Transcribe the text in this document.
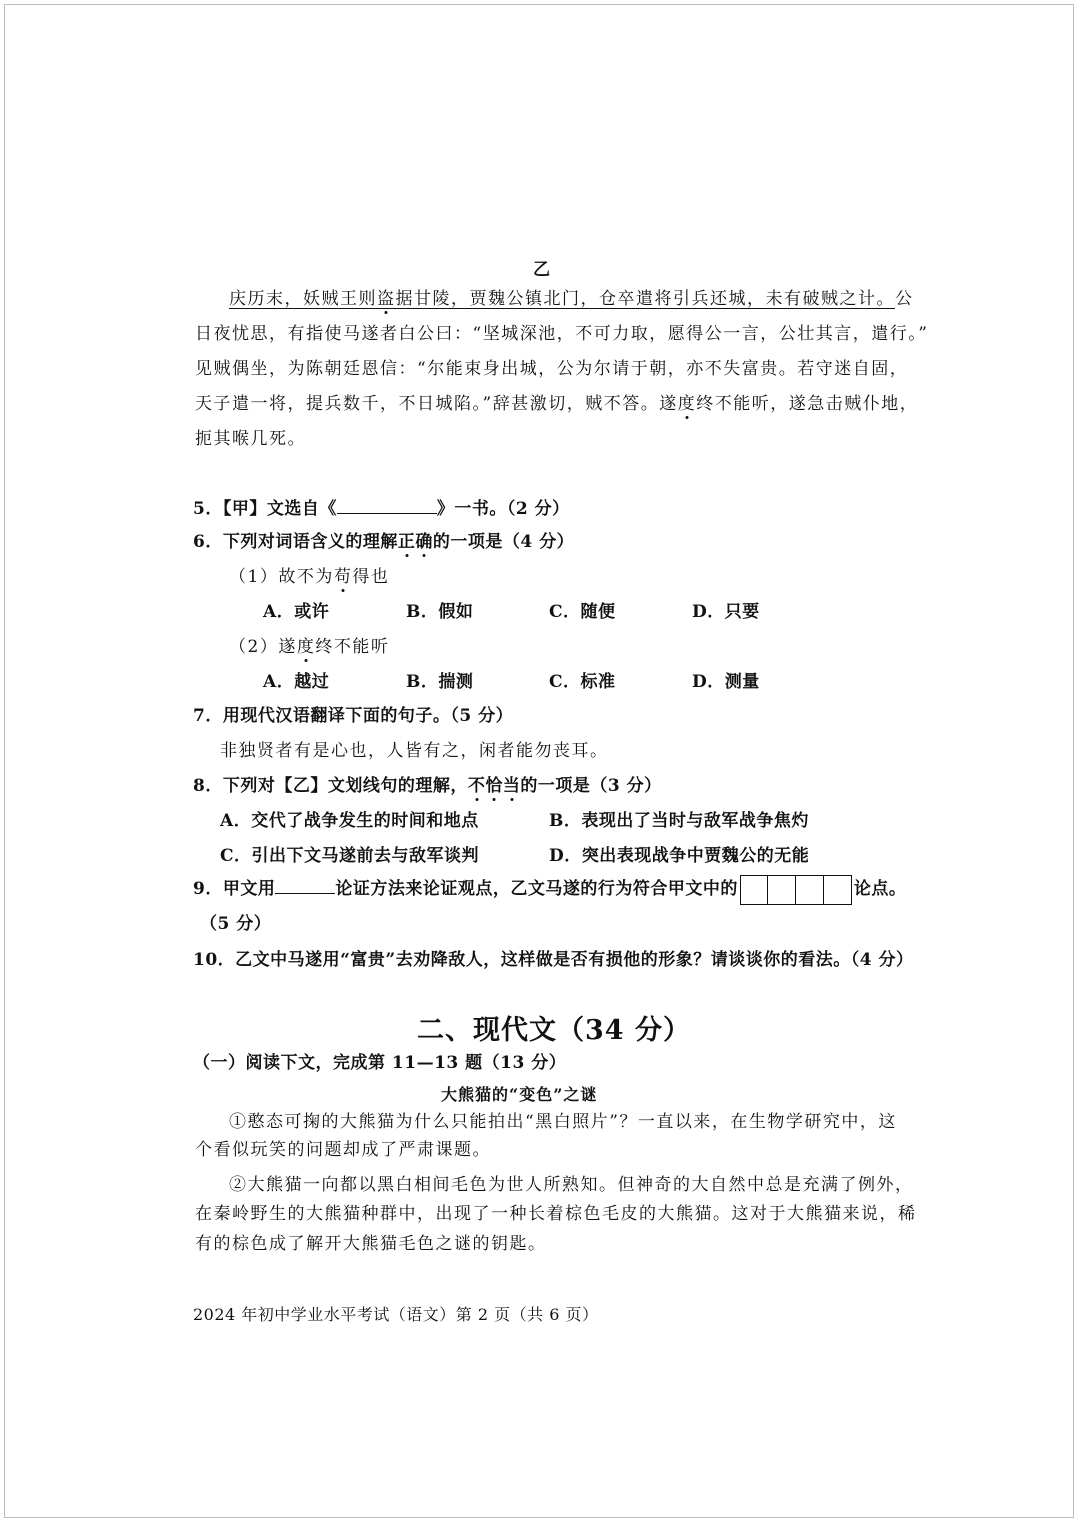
乙
庆历末，妖贼王则盗据甘陵，贾魏公镇北门，仓卒遣将引兵还城，未有破贼之计。公
日夜忧思，有指使马遂者白公曰：“坚城深池，不可力取，愿得公一言，公壮其言，遣行。”
见贼偶坐，为陈朝廷恩信：“尔能束身出城，公为尔请于朝，亦不失富贵。若守迷自固，
天子遣一将，提兵数千，不日城陷。”辞甚激切，贼不答。遂度终不能听，遂急击贼仆地，
扼其喉几死。
5．【甲】文选自《	》一书。（2 分）
6．下列对词语含义的理解正确的一项是（4 分）
（1）故不为苟得也
A．或许	B．假如	C．随便	D．只要
（2）遂度终不能听
A．越过	B．揣测	C．标准	D．测量
7．用现代汉语翻译下面的句子。（5 分）
非独贤者有是心也，人皆有之，闲者能勿丧耳。
8．下列对【乙】文划线句的理解，不恰当的一项是（3 分）
A．交代了战争发生的时间和地点	B．表现出了当时与敌军战争焦灼
C．引出下文马遂前去与敌军谈判	D．突出表现战争中贾魏公的无能
9．甲文用	论证方法来论证观点，乙文马遂的行为符合甲文中的	论点。
（5 分）
10．乙文中马遂用“富贵”去劝降敌人，这样做是否有损他的形象？请谈谈你的看法。（4 分）
二、现代文（34 分）
（一）阅读下文，完成第 11—13 题（13 分）
大熊猫的“变色”之谜
①憨态可掬的大熊猫为什么只能拍出“黑白照片”？一直以来，在生物学研究中，这
个看似玩笑的问题却成了严肃课题。
②大熊猫一向都以黑白相间毛色为世人所熟知。但神奇的大自然中总是充满了例外，
在秦岭野生的大熊猫种群中，出现了一种长着棕色毛皮的大熊猫。这对于大熊猫来说，稀
有的棕色成了解开大熊猫毛色之谜的钥匙。
2024 年初中学业水平考试（语文）第 2 页（共 6 页）
